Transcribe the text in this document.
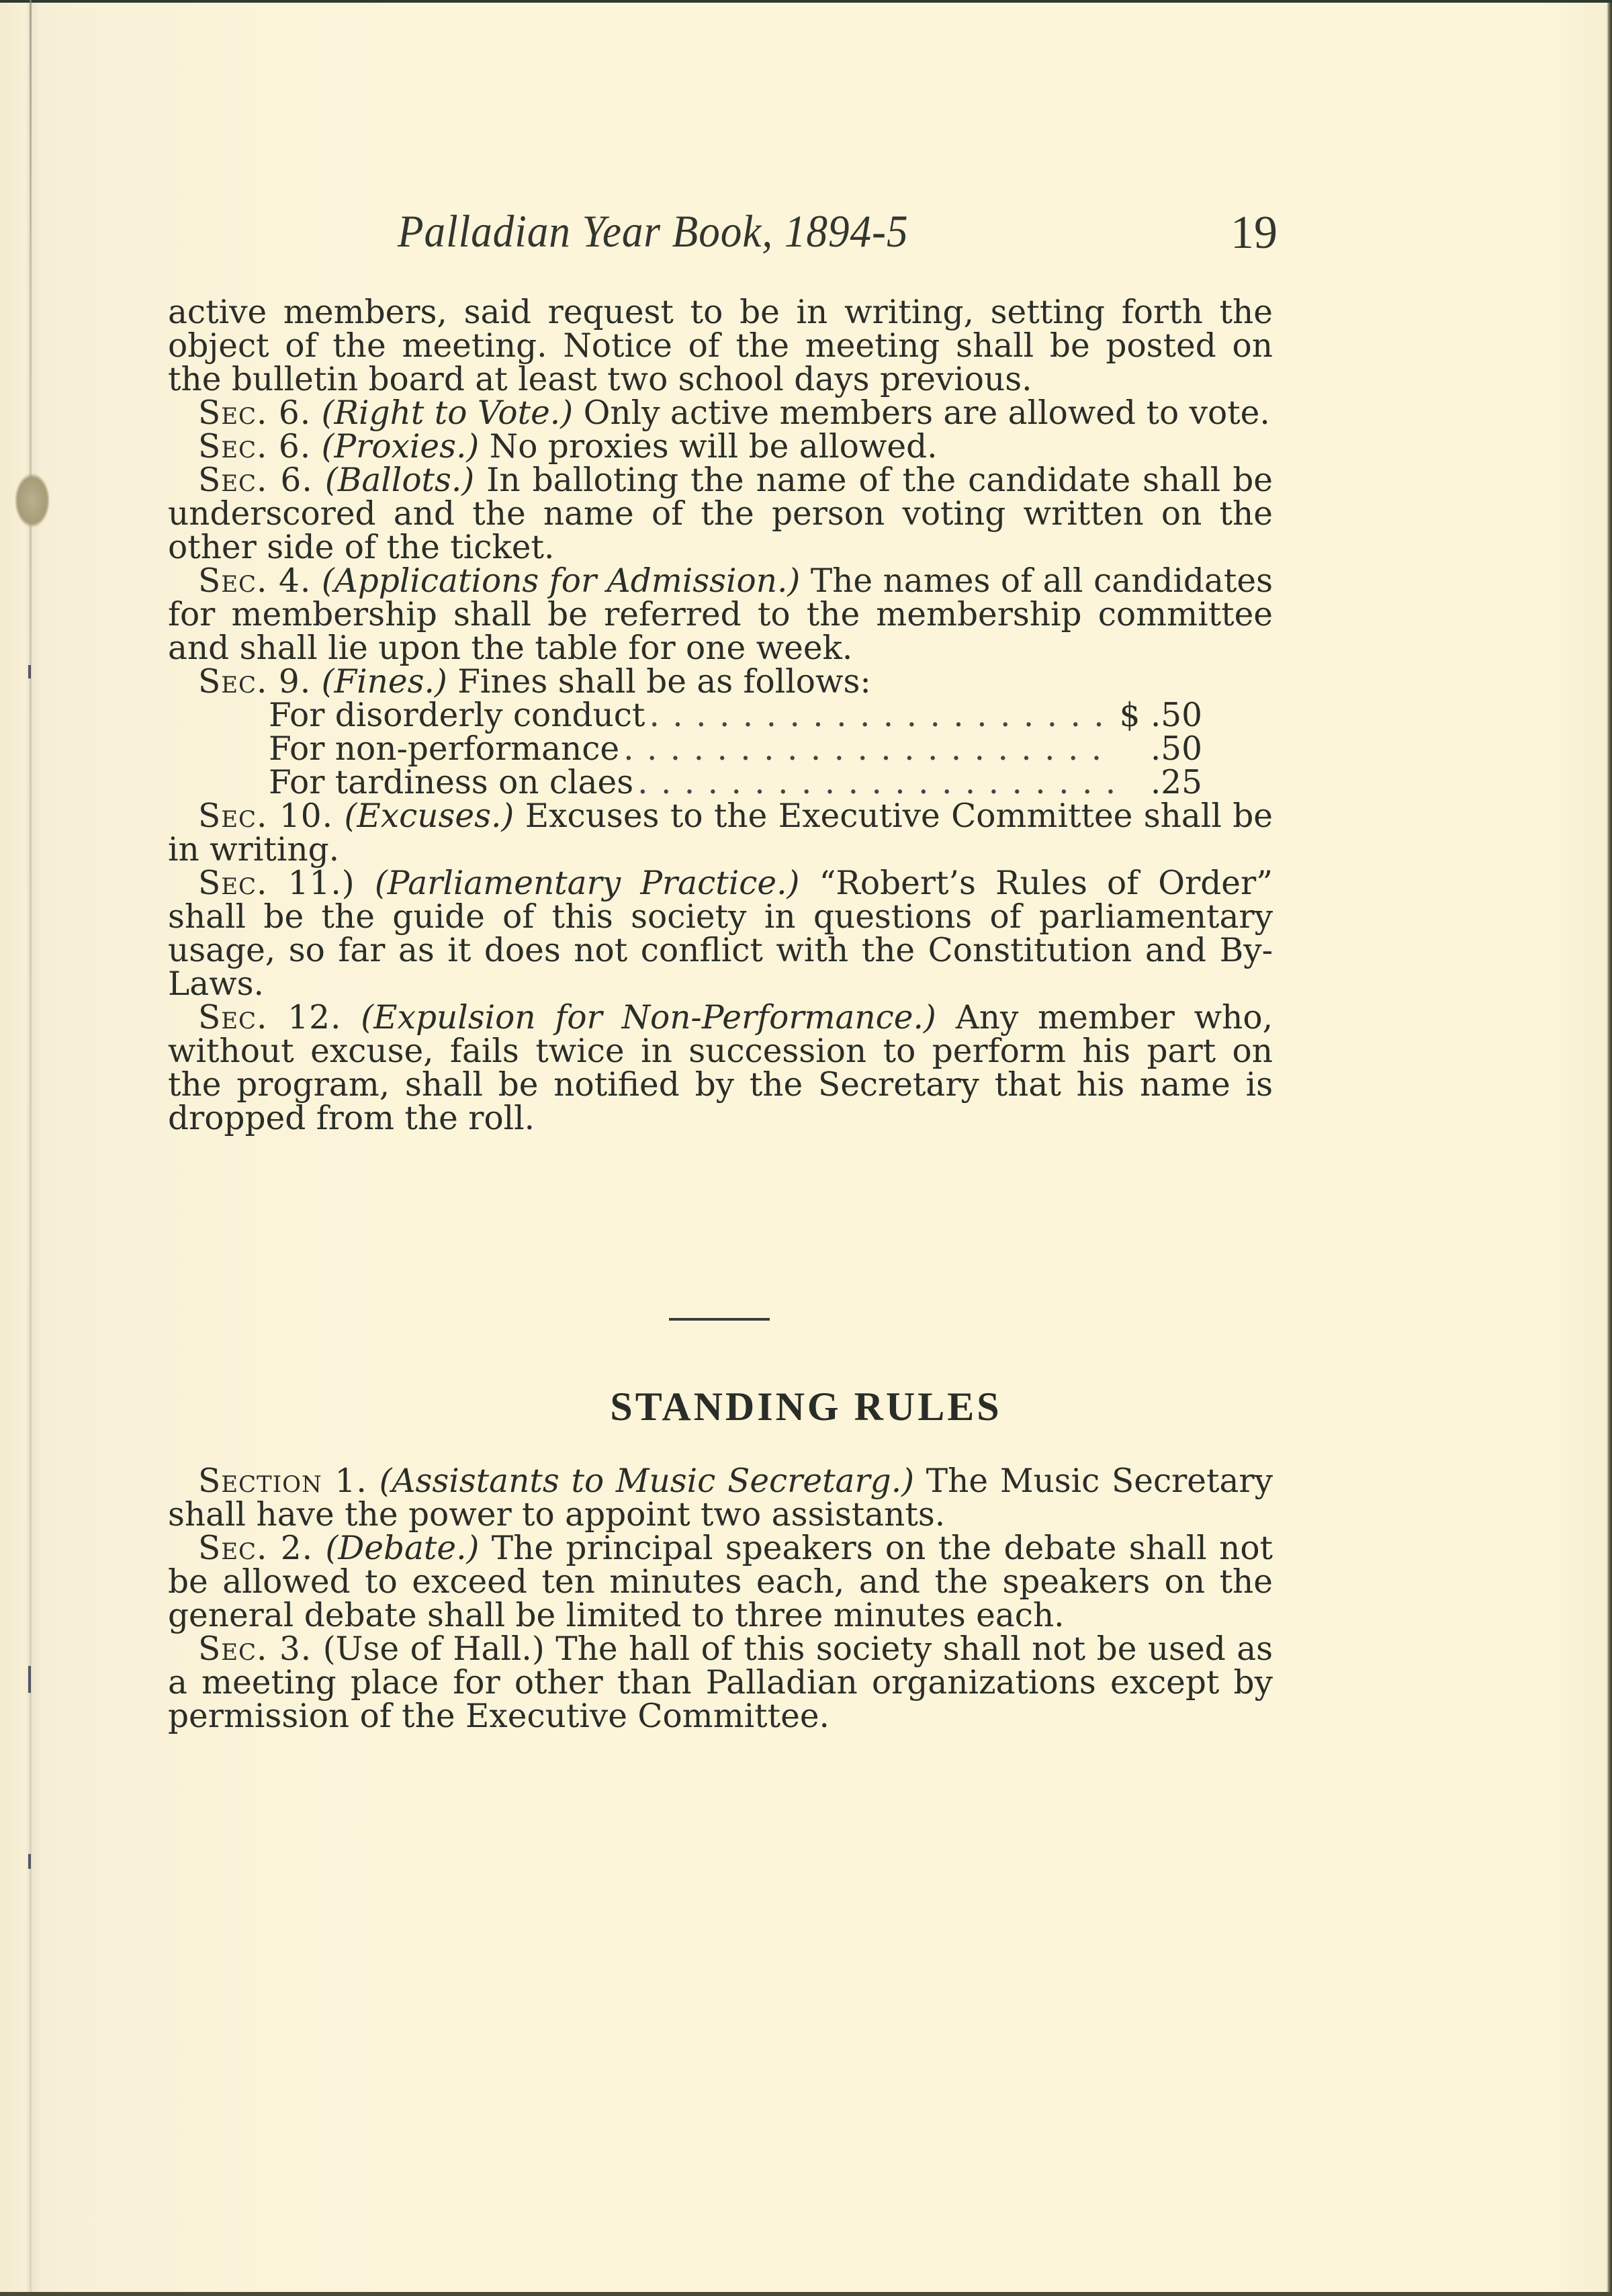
Palladian Year Book, 1894-5	19

active members, said request to be in writing, setting forth the object of the meeting. Notice of the meeting shall be posted on the bulletin board at least two school days previous.

Sec. 6. (Right to Vote.) Only active members are allowed to vote.

Sec. 6. (Proxies.) No proxies will be allowed.

Sec. 6. (Ballots.) In balloting the name of the candidate shall be underscored and the name of the person voting written on the other side of the ticket.

Sec. 4. (Applications for Admission.) The names of all candidates for membership shall be referred to the membership committee and shall lie upon the table for one week.

Sec. 9. (Fines.) Fines shall be as follows:

For disorderly conduct . . .	$ .50
For non-performance . . .	.50
For tardiness on claes . . .	.25

Sec. 10. (Excuses.) Excuses to the Executive Committee shall be in writing.

Sec. 11.) (Parliamentary Practice.) “Robert’s Rules of Order” shall be the guide of this society in questions of parliamentary usage, so far as it does not conflict with the Constitution and By-Laws.

Sec. 12. (Expulsion for Non-Performance.) Any member who, without excuse, fails twice in succession to perform his part on the program, shall be notified by the Secretary that his name is dropped from the roll.

STANDING RULES

Section 1. (Assistants to Music Secretarg.) The Music Secretary shall have the power to appoint two assistants.

Sec. 2. (Debate.) The principal speakers on the debate shall not be allowed to exceed ten minutes each, and the speakers on the general debate shall be limited to three minutes each.

Sec. 3. (Use of Hall.) The hall of this society shall not be used as a meeting place for other than Palladian organizations except by permission of the Executive Committee.
